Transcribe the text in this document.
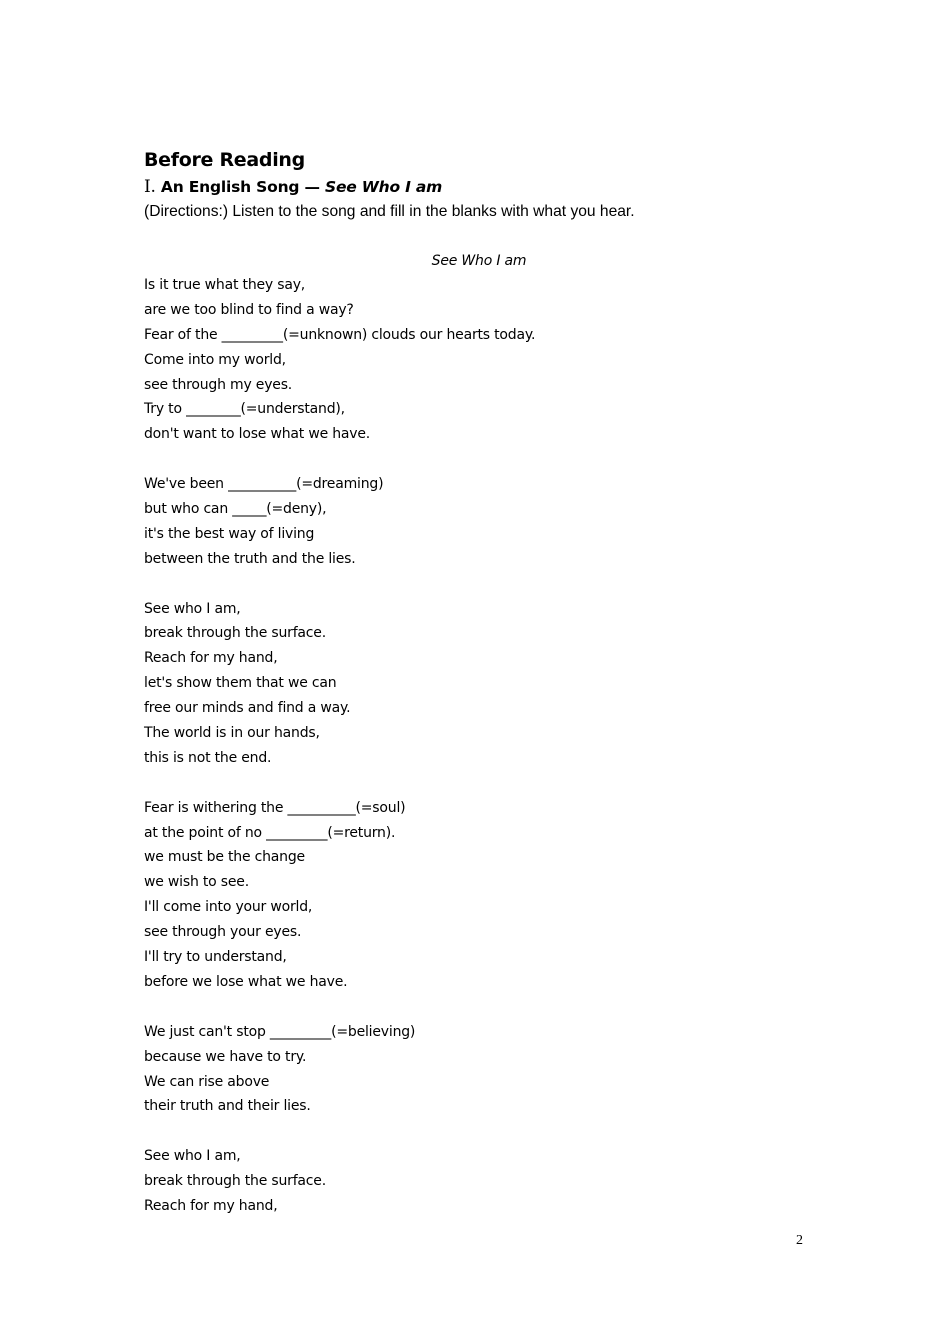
Before Reading
Ⅰ. An English Song — See Who I am

(Directions:) Listen to the song and fill in the blanks with what you hear.

See Who I am
Is it true what they say,
are we too blind to find a way?
Fear of the _________(=unknown) clouds our hearts today.
Come into my world,
see through my eyes.
Try to ________(=understand),
don't want to lose what we have.
We've been __________(=dreaming)
but who can _____(=deny),
it's the best way of living
between the truth and the lies.
See who I am,
break through the surface.
Reach for my hand,
let's show them that we can
free our minds and find a way.
The world is in our hands,
this is not the end.
Fear is withering the __________(=soul)
at the point of no _________(=return).
we must be the change
we wish to see.
I'll come into your world,
see through your eyes.
I'll try to understand,
before we lose what we have.
We just can't stop _________(=believing)
because we have to try.
We can rise above
their truth and their lies.
See who I am,
break through the surface.
Reach for my hand,
2
